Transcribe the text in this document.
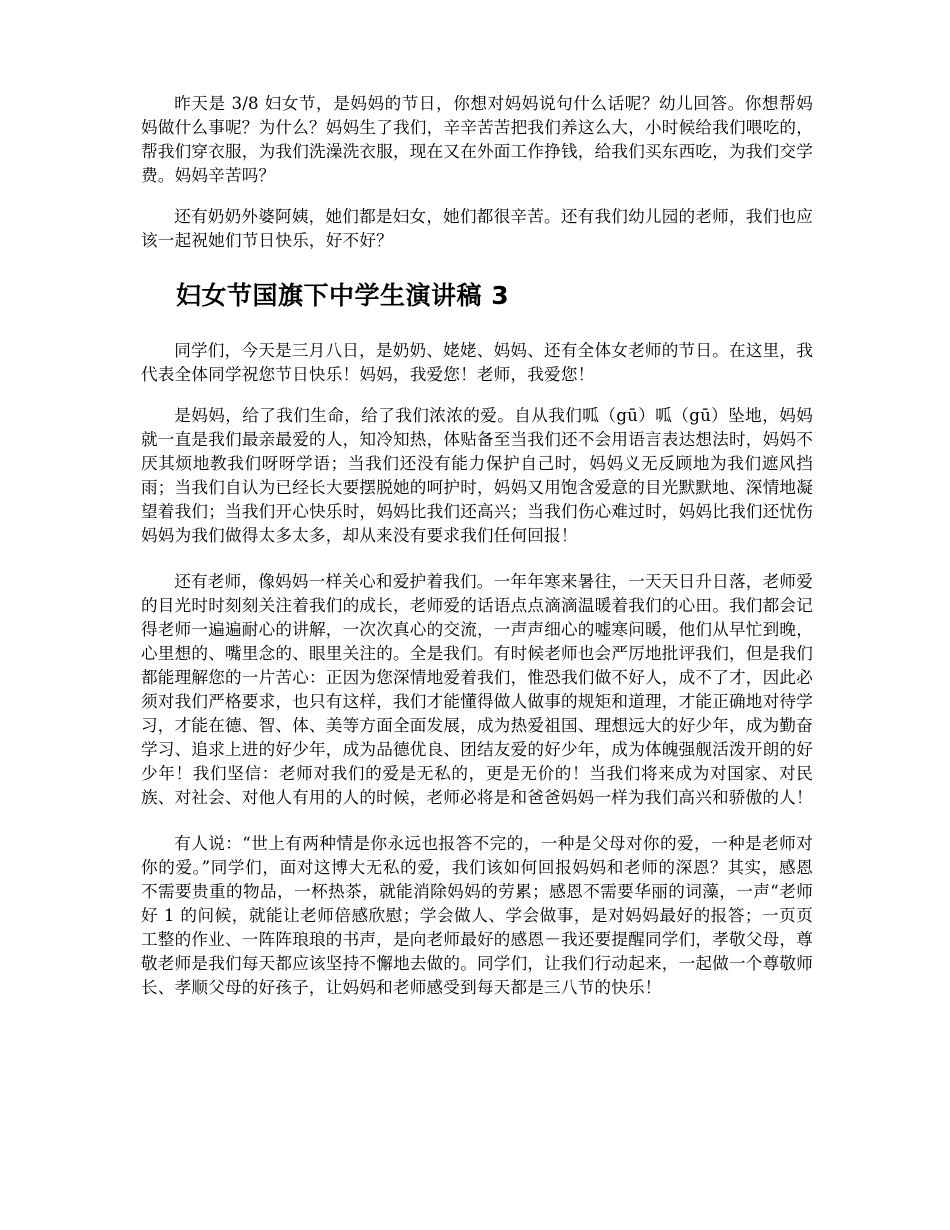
昨天是 3/8 妇女节，是妈妈的节日，你想对妈妈说句什么话呢？幼儿回答。你想帮妈妈做什么事呢？为什么？妈妈生了我们，辛辛苦苦把我们养这么大，小时候给我们喂吃的，帮我们穿衣服，为我们洗澡洗衣服，现在又在外面工作挣钱，给我们买东西吃，为我们交学费。妈妈辛苦吗？

还有奶奶外婆阿姨，她们都是妇女，她们都很辛苦。还有我们幼儿园的老师，我们也应该一起祝她们节日快乐，好不好？

妇女节国旗下中学生演讲稿 3

同学们，今天是三月八日，是奶奶、姥姥、妈妈、还有全体女老师的节日。在这里，我代表全体同学祝您节日快乐！妈妈，我爱您！老师，我爱您！

是妈妈，给了我们生命，给了我们浓浓的爱。自从我们呱（gū）呱（gū）坠地，妈妈就一直是我们最亲最爱的人，知冷知热，体贴备至当我们还不会用语言表达想法时，妈妈不厌其烦地教我们呀呀学语；当我们还没有能力保护自己时，妈妈义无反顾地为我们遮风挡雨；当我们自认为已经长大要摆脱她的呵护时，妈妈又用饱含爱意的目光默默地、深情地凝望着我们；当我们开心快乐时，妈妈比我们还高兴；当我们伤心难过时，妈妈比我们还忧伤妈妈为我们做得太多太多，却从来没有要求我们任何回报！

还有老师，像妈妈一样关心和爱护着我们。一年年寒来暑往，一天天日升日落，老师爱的目光时时刻刻关注着我们的成长，老师爱的话语点点滴滴温暖着我们的心田。我们都会记得老师一遍遍耐心的讲解，一次次真心的交流，一声声细心的嘘寒问暖，他们从早忙到晚，心里想的、嘴里念的、眼里关注的。全是我们。有时候老师也会严厉地批评我们，但是我们都能理解您的一片苦心：正因为您深情地爱着我们，惟恐我们做不好人，成不了才，因此必须对我们严格要求，也只有这样，我们才能懂得做人做事的规矩和道理，才能正确地对待学习，才能在德、智、体、美等方面全面发展，成为热爱祖国、理想远大的好少年，成为勤奋学习、追求上进的好少年，成为品德优良、团结友爱的好少年，成为体魄强舰活泼开朗的好少年！我们坚信：老师对我们的爱是无私的，更是无价的！当我们将来成为对国家、对民族、对社会、对他人有用的人的时候，老师必将是和爸爸妈妈一样为我们高兴和骄傲的人！

有人说：“世上有两种情是你永远也报答不完的，一种是父母对你的爱，一种是老师对你的爱。”同学们，面对这博大无私的爱，我们该如何回报妈妈和老师的深恩？其实，感恩不需要贵重的物品，一杯热茶，就能消除妈妈的劳累；感恩不需要华丽的词藻，一声“老师好 1 的问候，就能让老师倍感欣慰；学会做人、学会做事，是对妈妈最好的报答；一页页工整的作业、一阵阵琅琅的书声，是向老师最好的感恩－我还要提醒同学们，孝敬父母，尊敬老师是我们每天都应该坚持不懈地去做的。同学们，让我们行动起来，一起做一个尊敬师长、孝顺父母的好孩子，让妈妈和老师感受到每天都是三八节的快乐！
